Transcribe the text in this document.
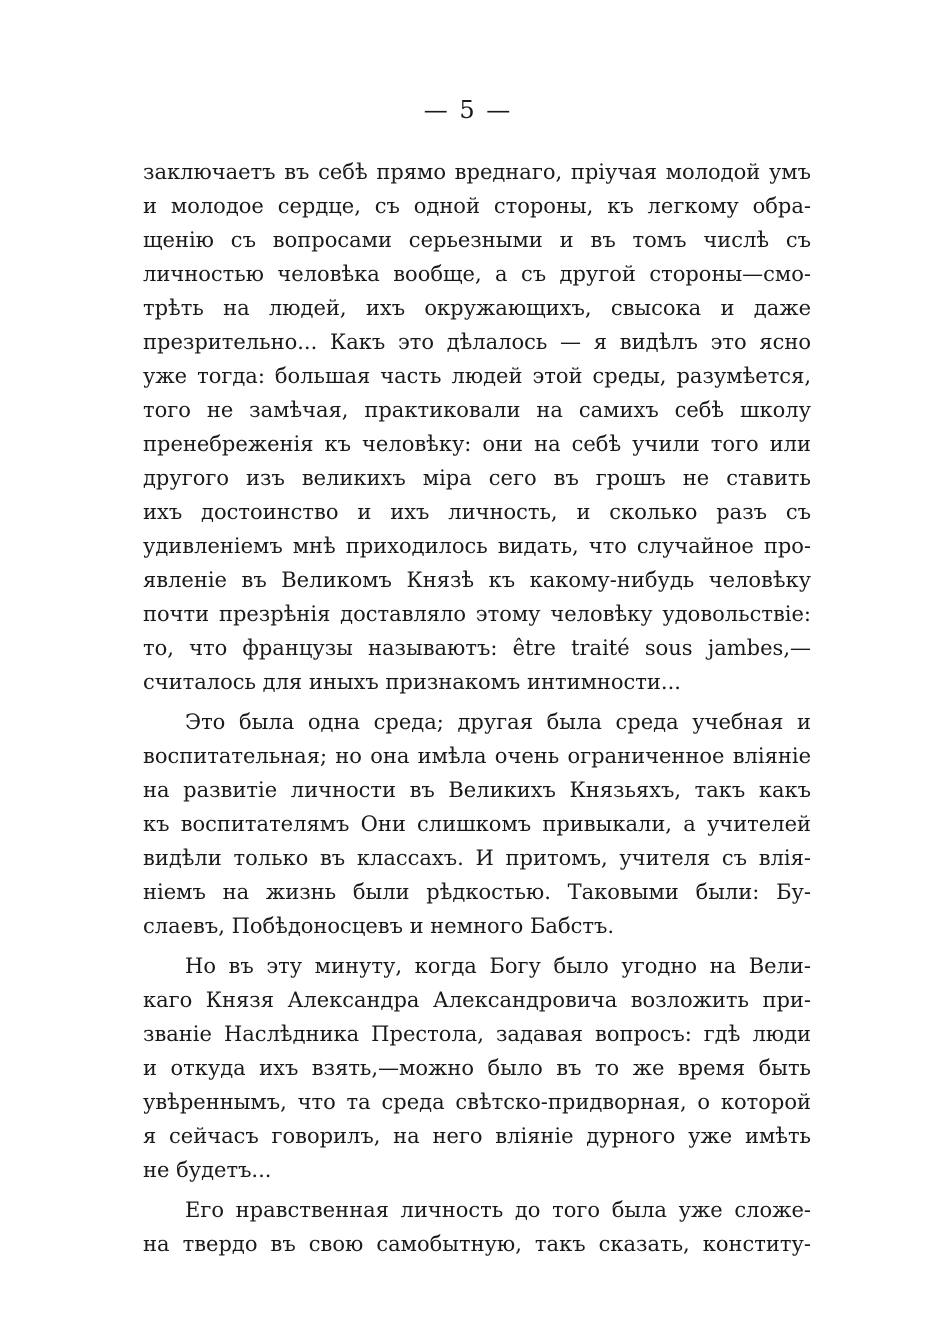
— 5 —
заключаетъ въ себѣ прямо вреднаго, пріучая молодой умъ
и молодое сердце, съ одной стороны, къ легкому обра-
щенію съ вопросами серьезными и въ томъ числѣ съ
личностью человѣка вообще, а съ другой стороны—смо-
трѣть на людей, ихъ окружающихъ, свысока и даже
презрительно... Какъ это дѣлалось — я видѣлъ это ясно
уже тогда: большая часть людей этой среды, разумѣется,
того не замѣчая, практиковали на самихъ себѣ школу
пренебреженія къ человѣку: они на себѣ учили того или
другого изъ великихъ міра сего въ грошъ не ставить
ихъ достоинство и ихъ личность, и сколько разъ съ
удивленіемъ мнѣ приходилось видать, что случайное про-
явленіе въ Великомъ Князѣ къ какому-нибудь человѣку
почти презрѣнія доставляло этому человѣку удовольствіе:
то, что французы называютъ: être traité sous jambes,—
считалось для иныхъ признакомъ интимности...
Это была одна среда; другая была среда учебная и
воспитательная; но она имѣла очень ограниченное вліяніе
на развитіе личности въ Великихъ Князьяхъ, такъ какъ
къ воспитателямъ Они слишкомъ привыкали, а учителей
видѣли только въ классахъ. И притомъ, учителя съ влія-
ніемъ на жизнь были рѣдкостью. Таковыми были: Бу-
слаевъ, Побѣдоносцевъ и немного Бабстъ.
Но въ эту минуту, когда Богу было угодно на Вели-
каго Князя Александра Александровича возложить при-
званіе Наслѣдника Престола, задавая вопросъ: гдѣ люди
и откуда ихъ взять,—можно было въ то же время быть
увѣреннымъ, что та среда свѣтско-придворная, о которой
я сейчасъ говорилъ, на него вліяніе дурного уже имѣть
не будетъ...
Его нравственная личность до того была уже сложе-
на твердо въ свою самобытную, такъ сказать, конститу-
